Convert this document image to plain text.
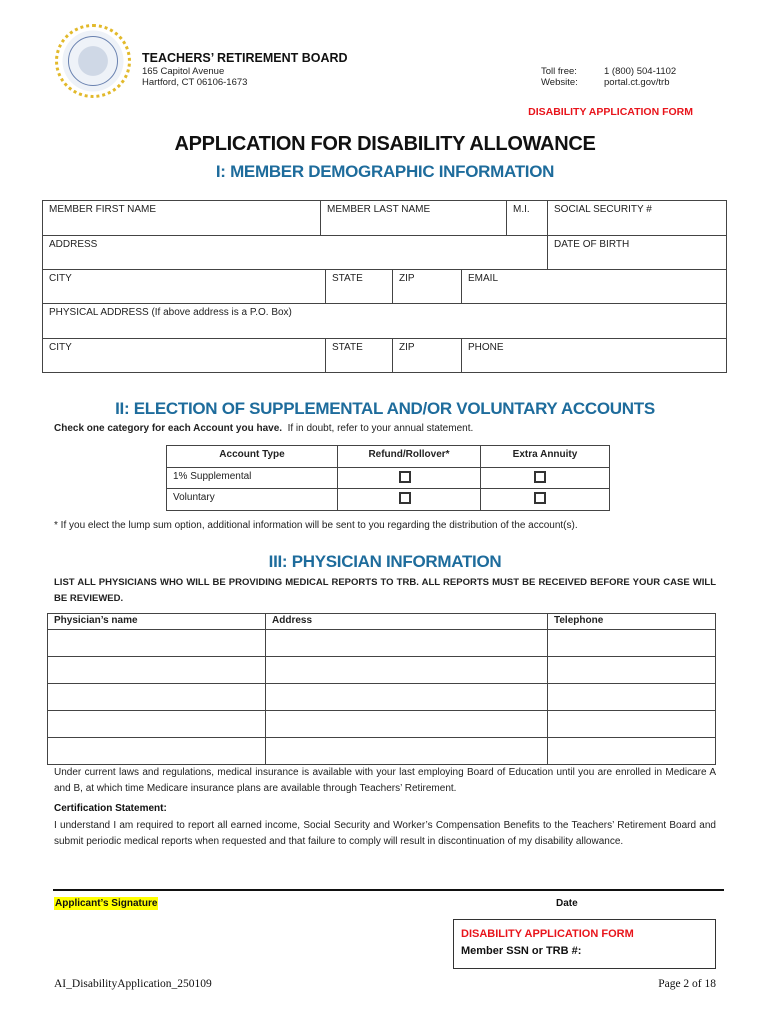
TEACHERS’ RETIREMENT BOARD
165 Capitol Avenue
Hartford, CT 06106-1673
Toll free:	1 (800) 504-1102
Website:	portal.ct.gov/trb
DISABILITY APPLICATION FORM
APPLICATION FOR DISABILITY ALLOWANCE
I: MEMBER DEMOGRAPHIC INFORMATION
MEMBER FIRST NAME	MEMBER LAST NAME	M.I.	SOCIAL SECURITY #
ADDRESS	DATE OF BIRTH
CITY	STATE	ZIP	EMAIL
PHYSICAL ADDRESS (If above address is a P.O. Box)
CITY	STATE	ZIP	PHONE
II: ELECTION OF SUPPLEMENTAL AND/OR VOLUNTARY ACCOUNTS
Check one category for each Account you have. If in doubt, refer to your annual statement.
Account Type	Refund/Rollover*	Extra Annuity
1% Supplemental
Voluntary
* If you elect the lump sum option, additional information will be sent to you regarding the distribution of the account(s).
III: PHYSICIAN INFORMATION
LIST ALL PHYSICIANS WHO WILL BE PROVIDING MEDICAL REPORTS TO TRB. ALL REPORTS MUST BE RECEIVED BEFORE YOUR CASE WILL BE REVIEWED.
Physician’s name	Address	Telephone
Under current laws and regulations, medical insurance is available with your last employing Board of Education until you are enrolled in Medicare A and B, at which time Medicare insurance plans are available through Teachers’ Retirement.
Certification Statement:
I understand I am required to report all earned income, Social Security and Worker’s Compensation Benefits to the Teachers’ Retirement Board and submit periodic medical reports when requested and that failure to comply will result in discontinuation of my disability allowance.
Applicant’s Signature	Date
DISABILITY APPLICATION FORM
Member SSN or TRB #:
AI_DisabilityApplication_250109	Page 2 of 18
